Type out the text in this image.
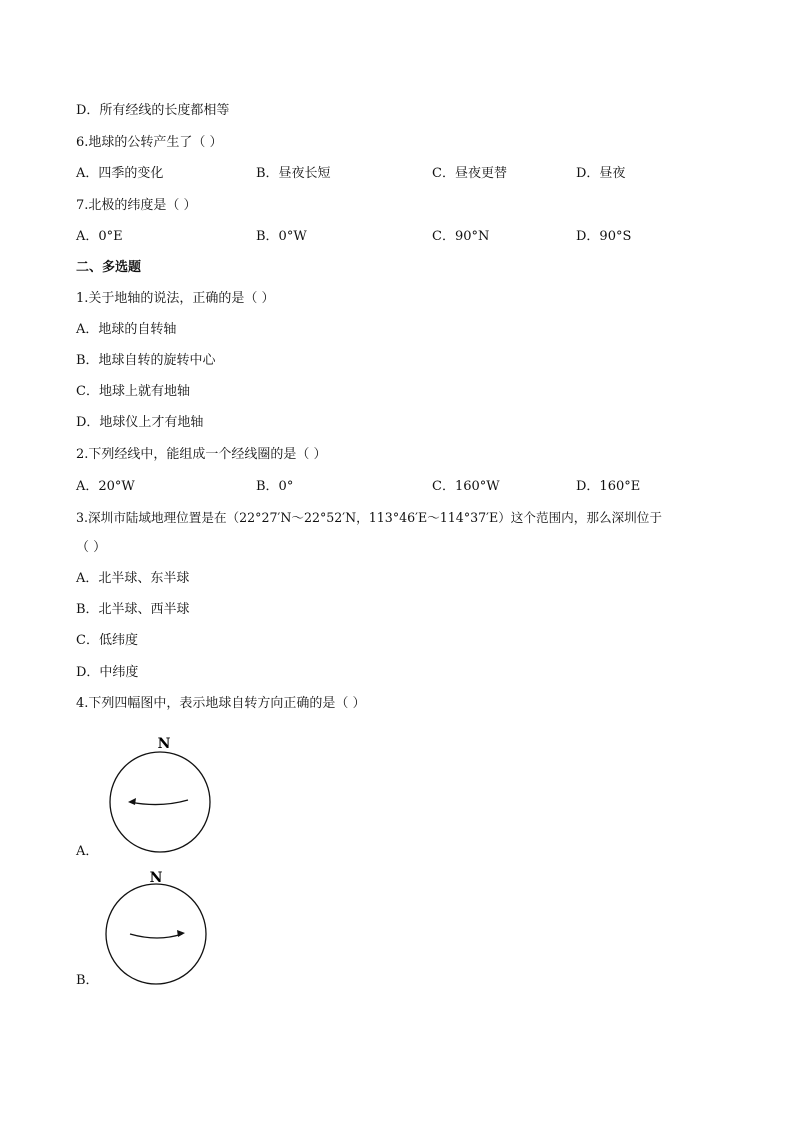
D．所有经线的长度都相等
6.地球的公转产生了（ ）
A．四季的变化	B．昼夜长短	C．昼夜更替	D．昼夜
7.北极的纬度是（ ）
A．0°E	B．0°W	C．90°N	D．90°S
二、多选题
1.关于地轴的说法，正确的是（ ）
A．地球的自转轴
B．地球自转的旋转中心
C．地球上就有地轴
D．地球仪上才有地轴
2.下列经线中，能组成一个经线圈的是（ ）
A．20°W	B．0°	C．160°W	D．160°E
3.深圳市陆域地理位置是在（22°27′N～22°52′N，113°46′E～114°37′E）这个范围内，那么深圳位于
（ ）
A．北半球、东半球
B．北半球、西半球
C．低纬度
D．中纬度
4.下列四幅图中，表示地球自转方向正确的是（ ）
N
A．
N
B．
